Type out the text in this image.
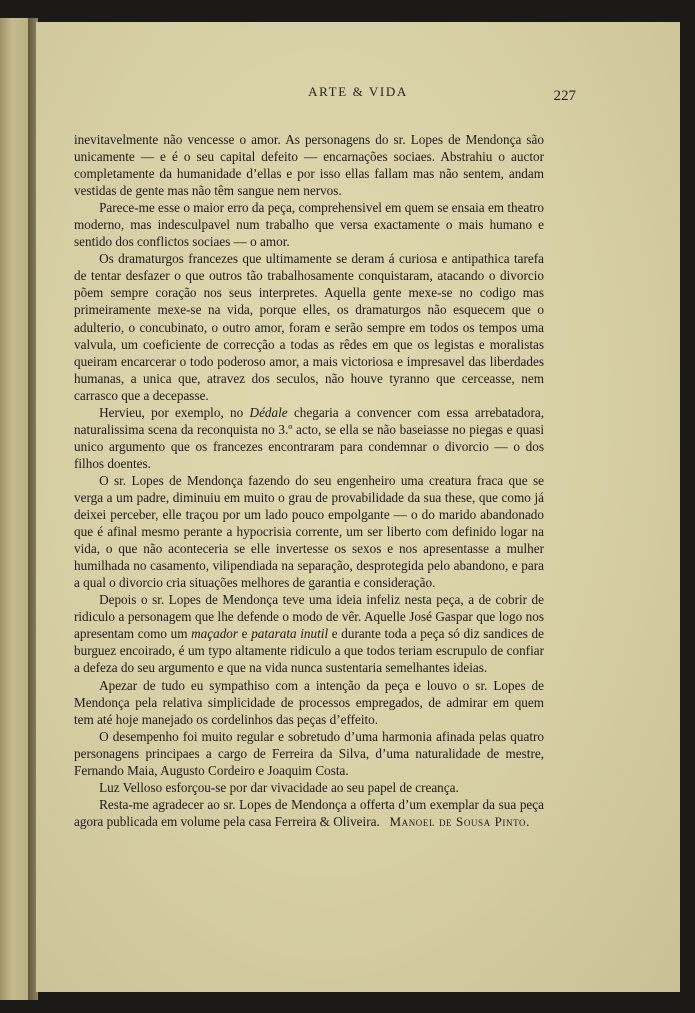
ARTE & VIDA	227

inevitavelmente não vencesse o amor. As personagens do sr. Lopes de Mendonça são unicamente — e é o seu capital defeito — encarnações sociaes. Abstrahiu o auctor completamente da humanidade d’ellas e por isso ellas fallam mas não sentem, andam vestidas de gente mas não têm sangue nem nervos.

Parece-me esse o maior erro da peça, comprehensivel em quem se ensaia em theatro moderno, mas indesculpavel num trabalho que versa exactamente o mais humano e sentido dos conflictos sociaes — o amor.

Os dramaturgos francezes que ultimamente se deram á curiosa e antipathica tarefa de tentar desfazer o que outros tão trabalhosamente conquistaram, atacando o divorcio põem sempre coração nos seus interpretes. Aquella gente mexe-se no codigo mas primeiramente mexe-se na vida, porque elles, os dramaturgos não esquecem que o adulterio, o concubinato, o outro amor, foram e serão sempre em todos os tempos uma valvula, um coeficiente de correcção a todas as rêdes em que os legistas e moralistas queiram encarcerar o todo poderoso amor, a mais victoriosa e impresavel das liberdades humanas, a unica que, atravez dos seculos, não houve tyranno que cerceasse, nem carrasco que a decepasse.

Hervieu, por exemplo, no Dédale chegaria a convencer com essa arrebatadora, naturalissima scena da reconquista no 3.º acto, se ella se não baseiasse no piegas e quasi unico argumento que os francezes encontraram para condemnar o divorcio — o dos filhos doentes.

O sr. Lopes de Mendonça fazendo do seu engenheiro uma creatura fraca que se verga a um padre, diminuiu em muito o grau de provabilidade da sua these, que como já deixei perceber, elle traçou por um lado pouco empolgante — o do marido abandonado que é afinal mesmo perante a hypocrisia corrente, um ser liberto com definido logar na vida, o que não aconteceria se elle invertesse os sexos e nos apresentasse a mulher humilhada no casamento, vilipendiada na separação, desprotegida pelo abandono, e para a qual o divorcio cria situações melhores de garantia e consideração.

Depois o sr. Lopes de Mendonça teve uma ideia infeliz nesta peça, a de cobrir de ridiculo a personagem que lhe defende o modo de vêr. Aquelle José Gaspar que logo nos apresentam como um maçador e patarata inutil e durante toda a peça só diz sandices de burguez encoirado, é um typo altamente ridiculo a que todos teriam escrupulo de confiar a defeza do seu argumento e que na vida nunca sustentaria semelhantes ideias.

Apezar de tudo eu sympathiso com a intenção da peça e louvo o sr. Lopes de Mendonça pela relativa simplicidade de processos empregados, de admirar em quem tem até hoje manejado os cordelinhos das peças d’effeito.

O desempenho foi muito regular e sobretudo d’uma harmonia afinada pelas quatro personagens principaes a cargo de Ferreira da Silva, d’uma naturalidade de mestre, Fernando Maia, Augusto Cordeiro e Joaquim Costa.

Luz Velloso esforçou-se por dar vivacidade ao seu papel de creança.

Resta-me agradecer ao sr. Lopes de Mendonça a offerta d’um exemplar da sua peça agora publicada em volume pela casa Ferreira & Oliveira. Manoel de Sousa Pinto.
